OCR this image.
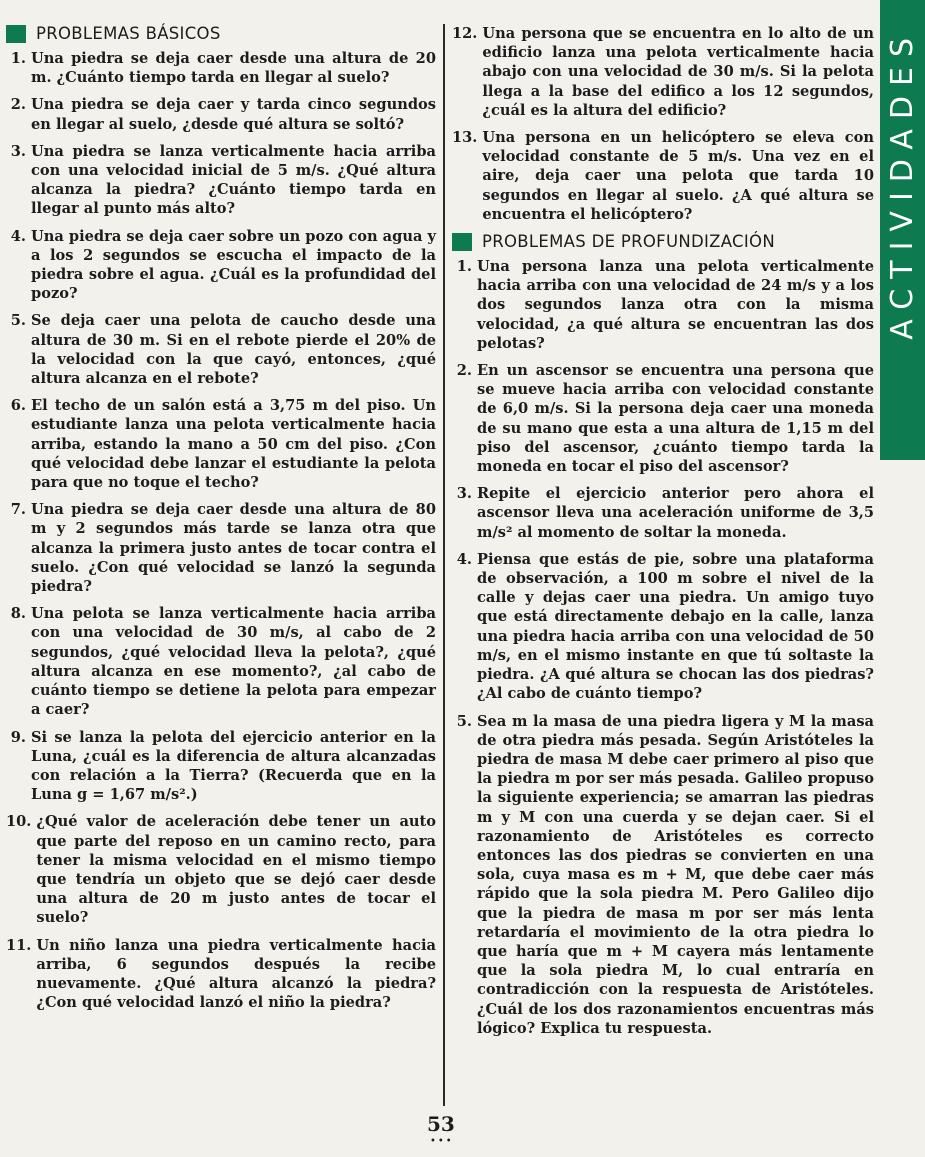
ACTIVIDADES
PROBLEMAS BÁSICOS
1. Una piedra se deja caer desde una altura de 20 m. ¿Cuánto tiempo tarda en llegar al suelo?
2. Una piedra se deja caer y tarda cinco segundos en llegar al suelo, ¿desde qué altura se soltó?
3. Una piedra se lanza verticalmente hacia arriba con una velocidad inicial de 5 m/s. ¿Qué altura alcanza la piedra? ¿Cuánto tiempo tarda en llegar al punto más alto?
4. Una piedra se deja caer sobre un pozo con agua y a los 2 segundos se escucha el impacto de la piedra sobre el agua. ¿Cuál es la profundidad del pozo?
5. Se deja caer una pelota de caucho desde una altura de 30 m. Si en el rebote pierde el 20% de la velocidad con la que cayó, entonces, ¿qué altura alcanza en el rebote?
6. El techo de un salón está a 3,75 m del piso. Un estudiante lanza una pelota verticalmente hacia arriba, estando la mano a 50 cm del piso. ¿Con qué velocidad debe lanzar el estudiante la pelota para que no toque el techo?
7. Una piedra se deja caer desde una altura de 80 m y 2 segundos más tarde se lanza otra que alcanza la primera justo antes de tocar contra el suelo. ¿Con qué velocidad se lanzó la segunda piedra?
8. Una pelota se lanza verticalmente hacia arriba con una velocidad de 30 m/s, al cabo de 2 segundos, ¿qué velocidad lleva la pelota?, ¿qué altura alcanza en ese momento?, ¿al cabo de cuánto tiempo se detiene la pelota para empezar a caer?
9. Si se lanza la pelota del ejercicio anterior en la Luna, ¿cuál es la diferencia de altura alcanzadas con relación a la Tierra? (Recuerda que en la Luna g = 1,67 m/s².)
10. ¿Qué valor de aceleración debe tener un auto que parte del reposo en un camino recto, para tener la misma velocidad en el mismo tiempo que tendría un objeto que se dejó caer desde una altura de 20 m justo antes de tocar el suelo?
11. Un niño lanza una piedra verticalmente hacia arriba, 6 segundos después la recibe nuevamente. ¿Qué altura alcanzó la piedra? ¿Con qué velocidad lanzó el niño la piedra?
12. Una persona que se encuentra en lo alto de un edificio lanza una pelota verticalmente hacia abajo con una velocidad de 30 m/s. Si la pelota llega a la base del edifico a los 12 segundos, ¿cuál es la altura del edificio?
13. Una persona en un helicóptero se eleva con velocidad constante de 5 m/s. Una vez en el aire, deja caer una pelota que tarda 10 segundos en llegar al suelo. ¿A qué altura se encuentra el helicóptero?
PROBLEMAS DE PROFUNDIZACIÓN
1. Una persona lanza una pelota verticalmente hacia arriba con una velocidad de 24 m/s y a los dos segundos lanza otra con la misma velocidad, ¿a qué altura se encuentran las dos pelotas?
2. En un ascensor se encuentra una persona que se mueve hacia arriba con velocidad constante de 6,0 m/s. Si la persona deja caer una moneda de su mano que esta a una altura de 1,15 m del piso del ascensor, ¿cuánto tiempo tarda la moneda en tocar el piso del ascensor?
3. Repite el ejercicio anterior pero ahora el ascensor lleva una aceleración uniforme de 3,5 m/s² al momento de soltar la moneda.
4. Piensa que estás de pie, sobre una plataforma de observación, a 100 m sobre el nivel de la calle y dejas caer una piedra. Un amigo tuyo que está directamente debajo en la calle, lanza una piedra hacia arriba con una velocidad de 50 m/s, en el mismo instante en que tú soltaste la piedra. ¿A qué altura se chocan las dos piedras? ¿Al cabo de cuánto tiempo?
5. Sea m la masa de una piedra ligera y M la masa de otra piedra más pesada. Según Aristóteles la piedra de masa M debe caer primero al piso que la piedra m por ser más pesada. Galileo propuso la siguiente experiencia; se amarran las piedras m y M con una cuerda y se dejan caer. Si el razonamiento de Aristóteles es correcto entonces las dos piedras se convierten en una sola, cuya masa es m + M, que debe caer más rápido que la sola piedra M. Pero Galileo dijo que la piedra de masa m por ser más lenta retardaría el movimiento de la otra piedra lo que haría que m + M cayera más lentamente que la sola piedra M, lo cual entraría en contradicción con la respuesta de Aristóteles. ¿Cuál de los dos razonamientos encuentras más lógico? Explica tu respuesta.
53
•••
